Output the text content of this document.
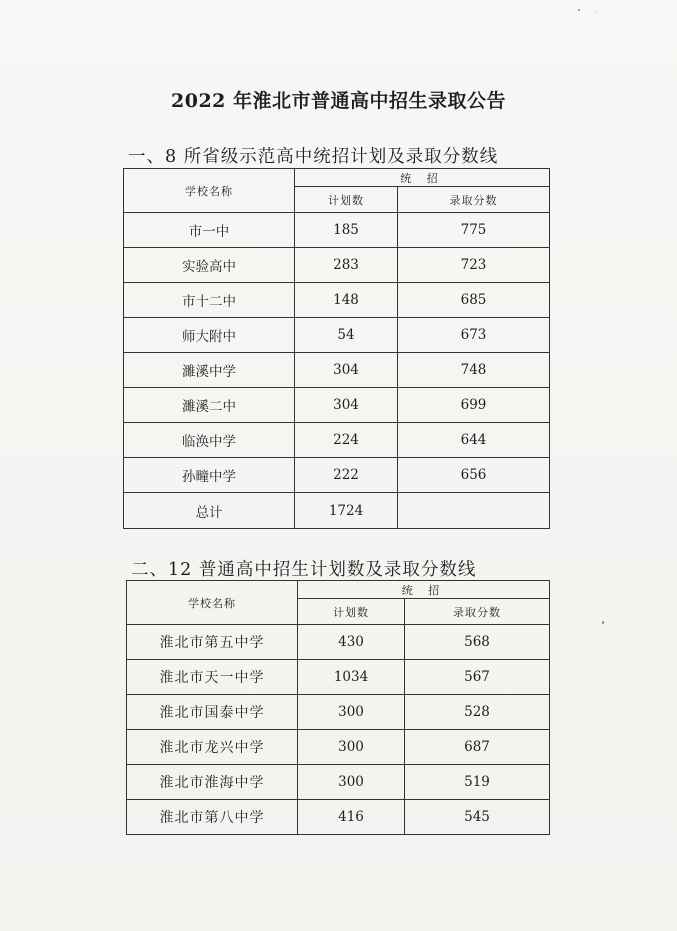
2022 年淮北市普通高中招生录取公告
一、8 所省级示范高中统招计划及录取分数线
学校名称	统 招	
	计划数	录取分数
市一中	185	775
实验高中	283	723
市十二中	148	685
师大附中	54	673
濉溪中学	304	748
濉溪二中	304	699
临涣中学	224	644
孙疃中学	222	656
总计	1724	
二、12 普通高中招生计划数及录取分数线
学校名称	统 招	
	计划数	录取分数
淮北市第五中学	430	568
淮北市天一中学	1034	567
淮北市国泰中学	300	528
淮北市龙兴中学	300	687
淮北市淮海中学	300	519
淮北市第八中学	416	545
